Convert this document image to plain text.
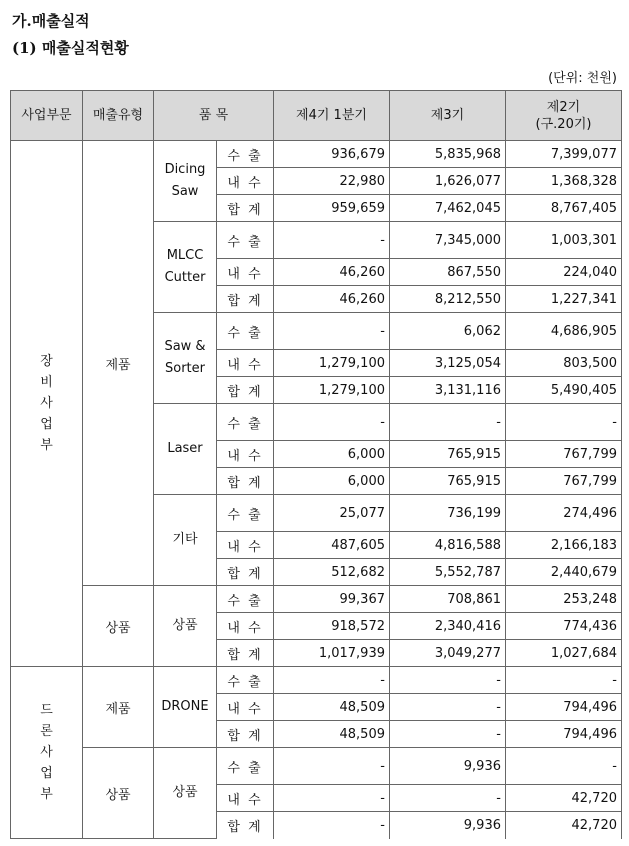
가.매출실적
(1) 매출실적현황
(단위: 천원)
사업부문	매출유형	품 목		제4기 1분기	제3기	제2기
(구.20기)

장비사업부	제품	Dicing Saw	수 출	936,679	5,835,968	7,399,077
			내 수	22,980	1,626,077	1,368,328
			합 계	959,659	7,462,045	8,767,405
		MLCC Cutter	수 출	-	7,345,000	1,003,301
			내 수	46,260	867,550	224,040
			합 계	46,260	8,212,550	1,227,341
		Saw & Sorter	수 출	-	6,062	4,686,905
			내 수	1,279,100	3,125,054	803,500
			합 계	1,279,100	3,131,116	5,490,405
		Laser	수 출	-	-	-
			내 수	6,000	765,915	767,799
			합 계	6,000	765,915	767,799
		기타	수 출	25,077	736,199	274,496
			내 수	487,605	4,816,588	2,166,183
			합 계	512,682	5,552,787	2,440,679
	상품	상품	수 출	99,367	708,861	253,248
			내 수	918,572	2,340,416	774,436
			합 계	1,017,939	3,049,277	1,027,684

드론사업부	제품	DRONE	수 출	-	-	-
			내 수	48,509	-	794,496
			합 계	48,509	-	794,496
	상품	상품	수 출	-	9,936	-
			내 수	-	-	42,720
			합 계	-	9,936	42,720
